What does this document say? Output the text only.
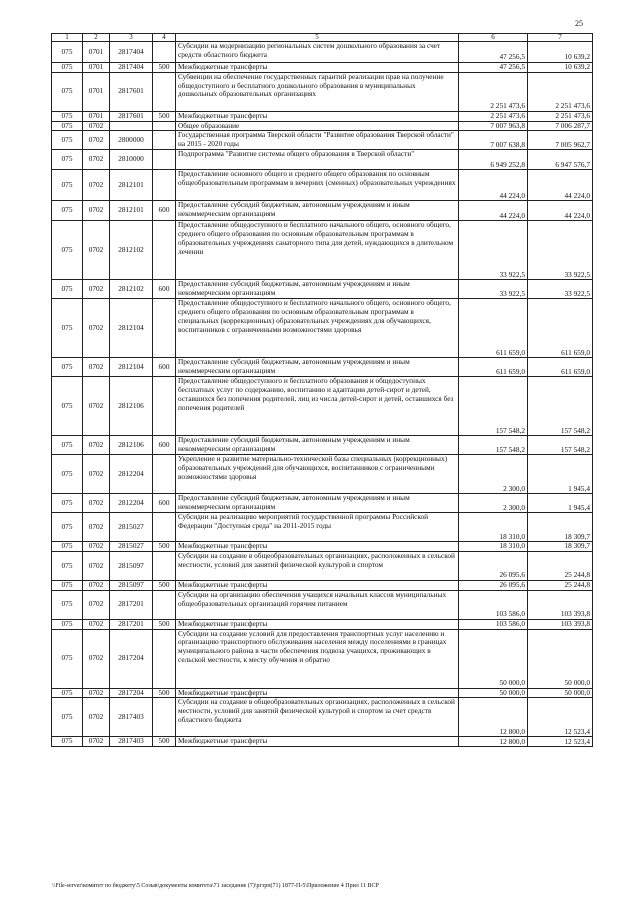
25
1	2	3	4	5	6	7
075	0701	2817404		Субсидии на модернизацию региональных систем дошкольного образования за счет средств областного бюджета	47 256,5	10 639,2
075	0701	2817404	500	Межбюджетные трансферты	47 256,5	10 639,2
075	0701	2817601		Субвенции на обеспечение государственных гарантий реализации прав на получение общедоступного и бесплатного дошкольного образования в муниципальных дошкольных образовательных организациях	2 251 473,6	2 251 473,6
075	0701	2817601	500	Межбюджетные трансферты	2 251 473,6	2 251 473,6
075	0702			Общее образование	7 007 963,8	7 006 287,7
075	0702	2800000		Государственная программа Тверской области "Развитие образования Тверской области" на 2015 - 2020 годы	7 007 638,8	7 005 962,7
075	0702	2810000		Подпрограмма "Развитие системы общего образования в Тверской области"	6 949 252,8	6 947 576,7
075	0702	2812101		Предоставление основного общего и среднего общего образования по основным общеобразовательным программам в вечерних (сменных) образовательных учреждениях	44 224,0	44 224,0
075	0702	2812101	600	Предоставление субсидий бюджетным, автономным учреждениям и иным некоммерческим организациям	44 224,0	44 224,0
075	0702	2812102		Предоставление общедоступного и бесплатного начального общего, основного общего, среднего общего образования по основным образовательным программам в образовательных учреждениях санаторного типа для детей, нуждающихся в длительном лечении	33 922,5	33 922,5
075	0702	2812102	600	Предоставление субсидий бюджетным, автономным учреждениям и иным некоммерческим организациям	33 922,5	33 922,5
075	0702	2812104		Предоставление общедоступного и бесплатного начального общего, основного общего, среднего общего образования по основным образовательным программам в специальных (коррекционных) образовательных учреждениях для обучающихся, воспитанников с ограниченными возможностями здоровья	611 659,0	611 659,0
075	0702	2812104	600	Предоставление субсидий бюджетным, автономным учреждениям и иным некоммерческим организациям	611 659,0	611 659,0
075	0702	2812106		Предоставление общедоступного и бесплатного образования и общедоступных бесплатных услуг по содержанию, воспитанию и адаптации детей-сирот и детей, оставшихся без попечения родителей, лиц из числа детей-сирот и детей, оставшихся без попечения родителей	157 548,2	157 548,2
075	0702	2812106	600	Предоставление субсидий бюджетным, автономным учреждениям и иным некоммерческим организациям	157 548,2	157 548,2
075	0702	2812204		Укрепление и развитие материально-технической базы специальных (коррекционных) образовательных учреждений для обучающихся, воспитанников с ограниченными возможностями здоровья	2 300,0	1 945,4
075	0702	2812204	600	Предоставление субсидий бюджетным, автономным учреждениям и иным некоммерческим организациям	2 300,0	1 945,4
075	0702	2815027		Субсидии на реализацию мероприятий государственной программы Российской Федерации "Доступная среда" на 2011-2015 годы	18 310,0	18 309,7
075	0702	2815027	500	Межбюджетные трансферты	18 310,0	18 309,7
075	0702	2815097		Субсидии на создание в общеобразовательных организациях, расположенных в сельской местности, условий для занятий физической культурой и спортом	26 095,6	25 244,8
075	0702	2815097	500	Межбюджетные трансферты	26 095,6	25 244,8
075	0702	2817201		Субсидии на организацию обеспечения учащихся начальных классов муниципальных общеобразовательных организаций горячим питанием	103 586,0	103 393,8
075	0702	2817201	500	Межбюджетные трансферты	103 586,0	103 393,8
075	0702	2817204		Субсидии на создание условий для предоставления транспортных услуг населению и организацию транспортного обслуживания населения между поселениями в границах муниципального района в части обеспечения подвоза учащихся, проживающих в сельской местности, к месту обучения и обратно	50 000,0	50 000,0
075	0702	2817204	500	Межбюджетные трансферты	50 000,0	50 000,0
075	0702	2817403		Субсидии на создание в общеобразовательных организациях, расположенных в сельской местности, условий для занятий физической культурой и спортом за счет средств областного бюджета	12 800,0	12 523,4
075	0702	2817403	500	Межбюджетные трансферты	12 800,0	12 523,4
\\File-server\комитет по бюджету\5 Созыв\документы комитета\71 заседание (7)\ргзрп(71) 1877-П-5\Приложение 4 Прил 11 ВСР
